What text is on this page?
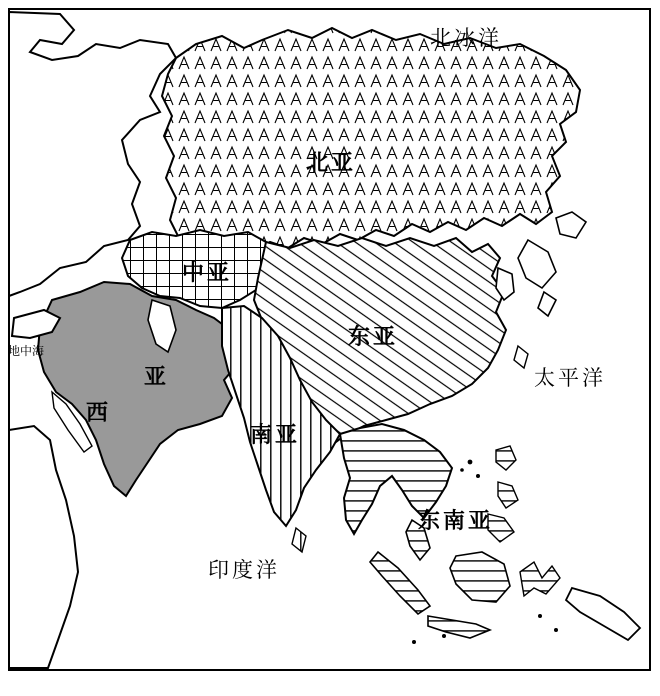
北亚
中亚
东亚
亚
西
南亚
东南亚
北冰洋
太平洋
印度洋
地中海
